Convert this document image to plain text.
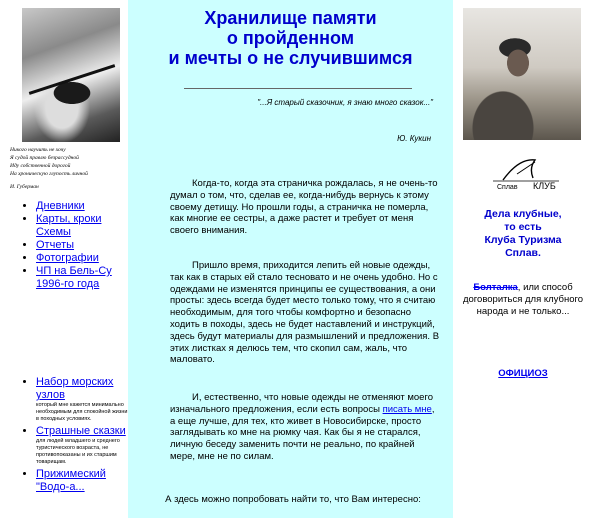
Никого научить не хочу
Я судой правлю безрассудной
Иду собственной дорогой
На хроническую глупость личной
И. Губерман
• Дневники
• Карты, кроки Схемы
• Отчеты
• Фотографии
• ЧП на Бель-Су 1996-го года
• Набор морских узлов
который мне кажется минимально необходимым для спокойной жизни в походных условиях.
• Страшные сказки
для людей младшего и среднего туристического возраста, не противопоказаны и их старшим товарищам.
• Прижимеский "Водо-а...
Хранилище памяти
о пройденном
и мечты о не случившимся
"...Я старый сказочник, я знаю много сказок..."
Ю. Кукин
Когда-то, когда эта страничка рождалась, я не очень-то думал о том, что, сделав ее, когда-нибудь вернусь к этому своему детищу. Но прошли годы, а страничка не померла, как многие ее сестры, а даже растет и требует от меня своего внимания.
Пришло время, приходится лепить ей новые одежды, так как в старых ей стало тесновато и не очень удобно. Но с одеждами не изменятся принципы ее существования, а они просты: здесь всегда будет место только тому, что я считаю необходимым, для того чтобы комфортно и безопасно ходить в походы, здесь не будет наставлений и инструкций, здесь будут материалы для размышлений и предложения. В этих листках я делюсь тем, что скопил сам, жаль, что маловато.
И, естественно, что новые одежды не отменяют моего изначального предложения, если есть вопросы писать мне, а еще лучше, для тех, кто живет в Новосибирске, просто заглядывать ко мне на рюмку чая. Как бы я не старался, личную беседу заменить почти не реально, по крайней мере, мне не по силам.
А здесь можно попробовать найти то, что Вам интересно:
Сплав КЛУБ
Дела клубные,
то есть
Клуба Туризма
Сплав.
Болталка, или способ договориться для клубного народа и не только...
ОФИЦИОЗ
